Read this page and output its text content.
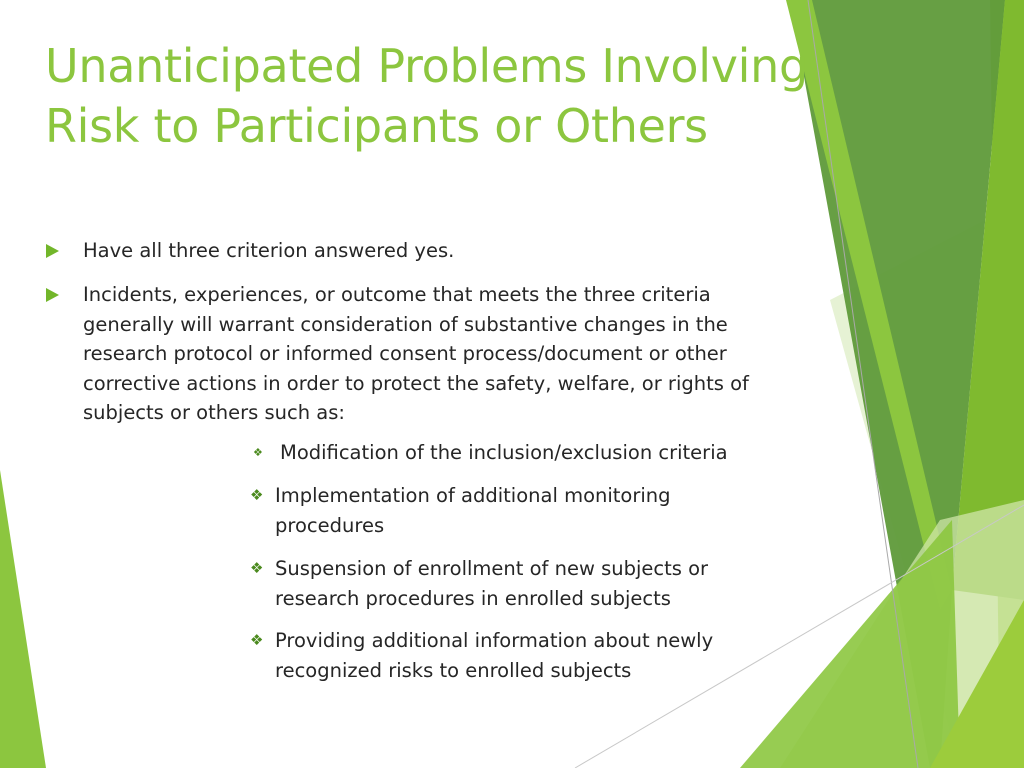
Unanticipated Problems Involving
Risk to Participants or Others
Have all three criterion answered yes.
Incidents, experiences, or outcome that meets the three criteria generally will warrant consideration of substantive changes in the research protocol or informed consent process/document or other corrective actions in order to protect the safety, welfare, or rights of subjects or others such as:
❖ Modification of the inclusion/exclusion criteria
❖ Implementation of additional monitoring procedures
❖ Suspension of enrollment of new subjects or research procedures in enrolled subjects
❖ Providing additional information about newly recognized risks to enrolled subjects
